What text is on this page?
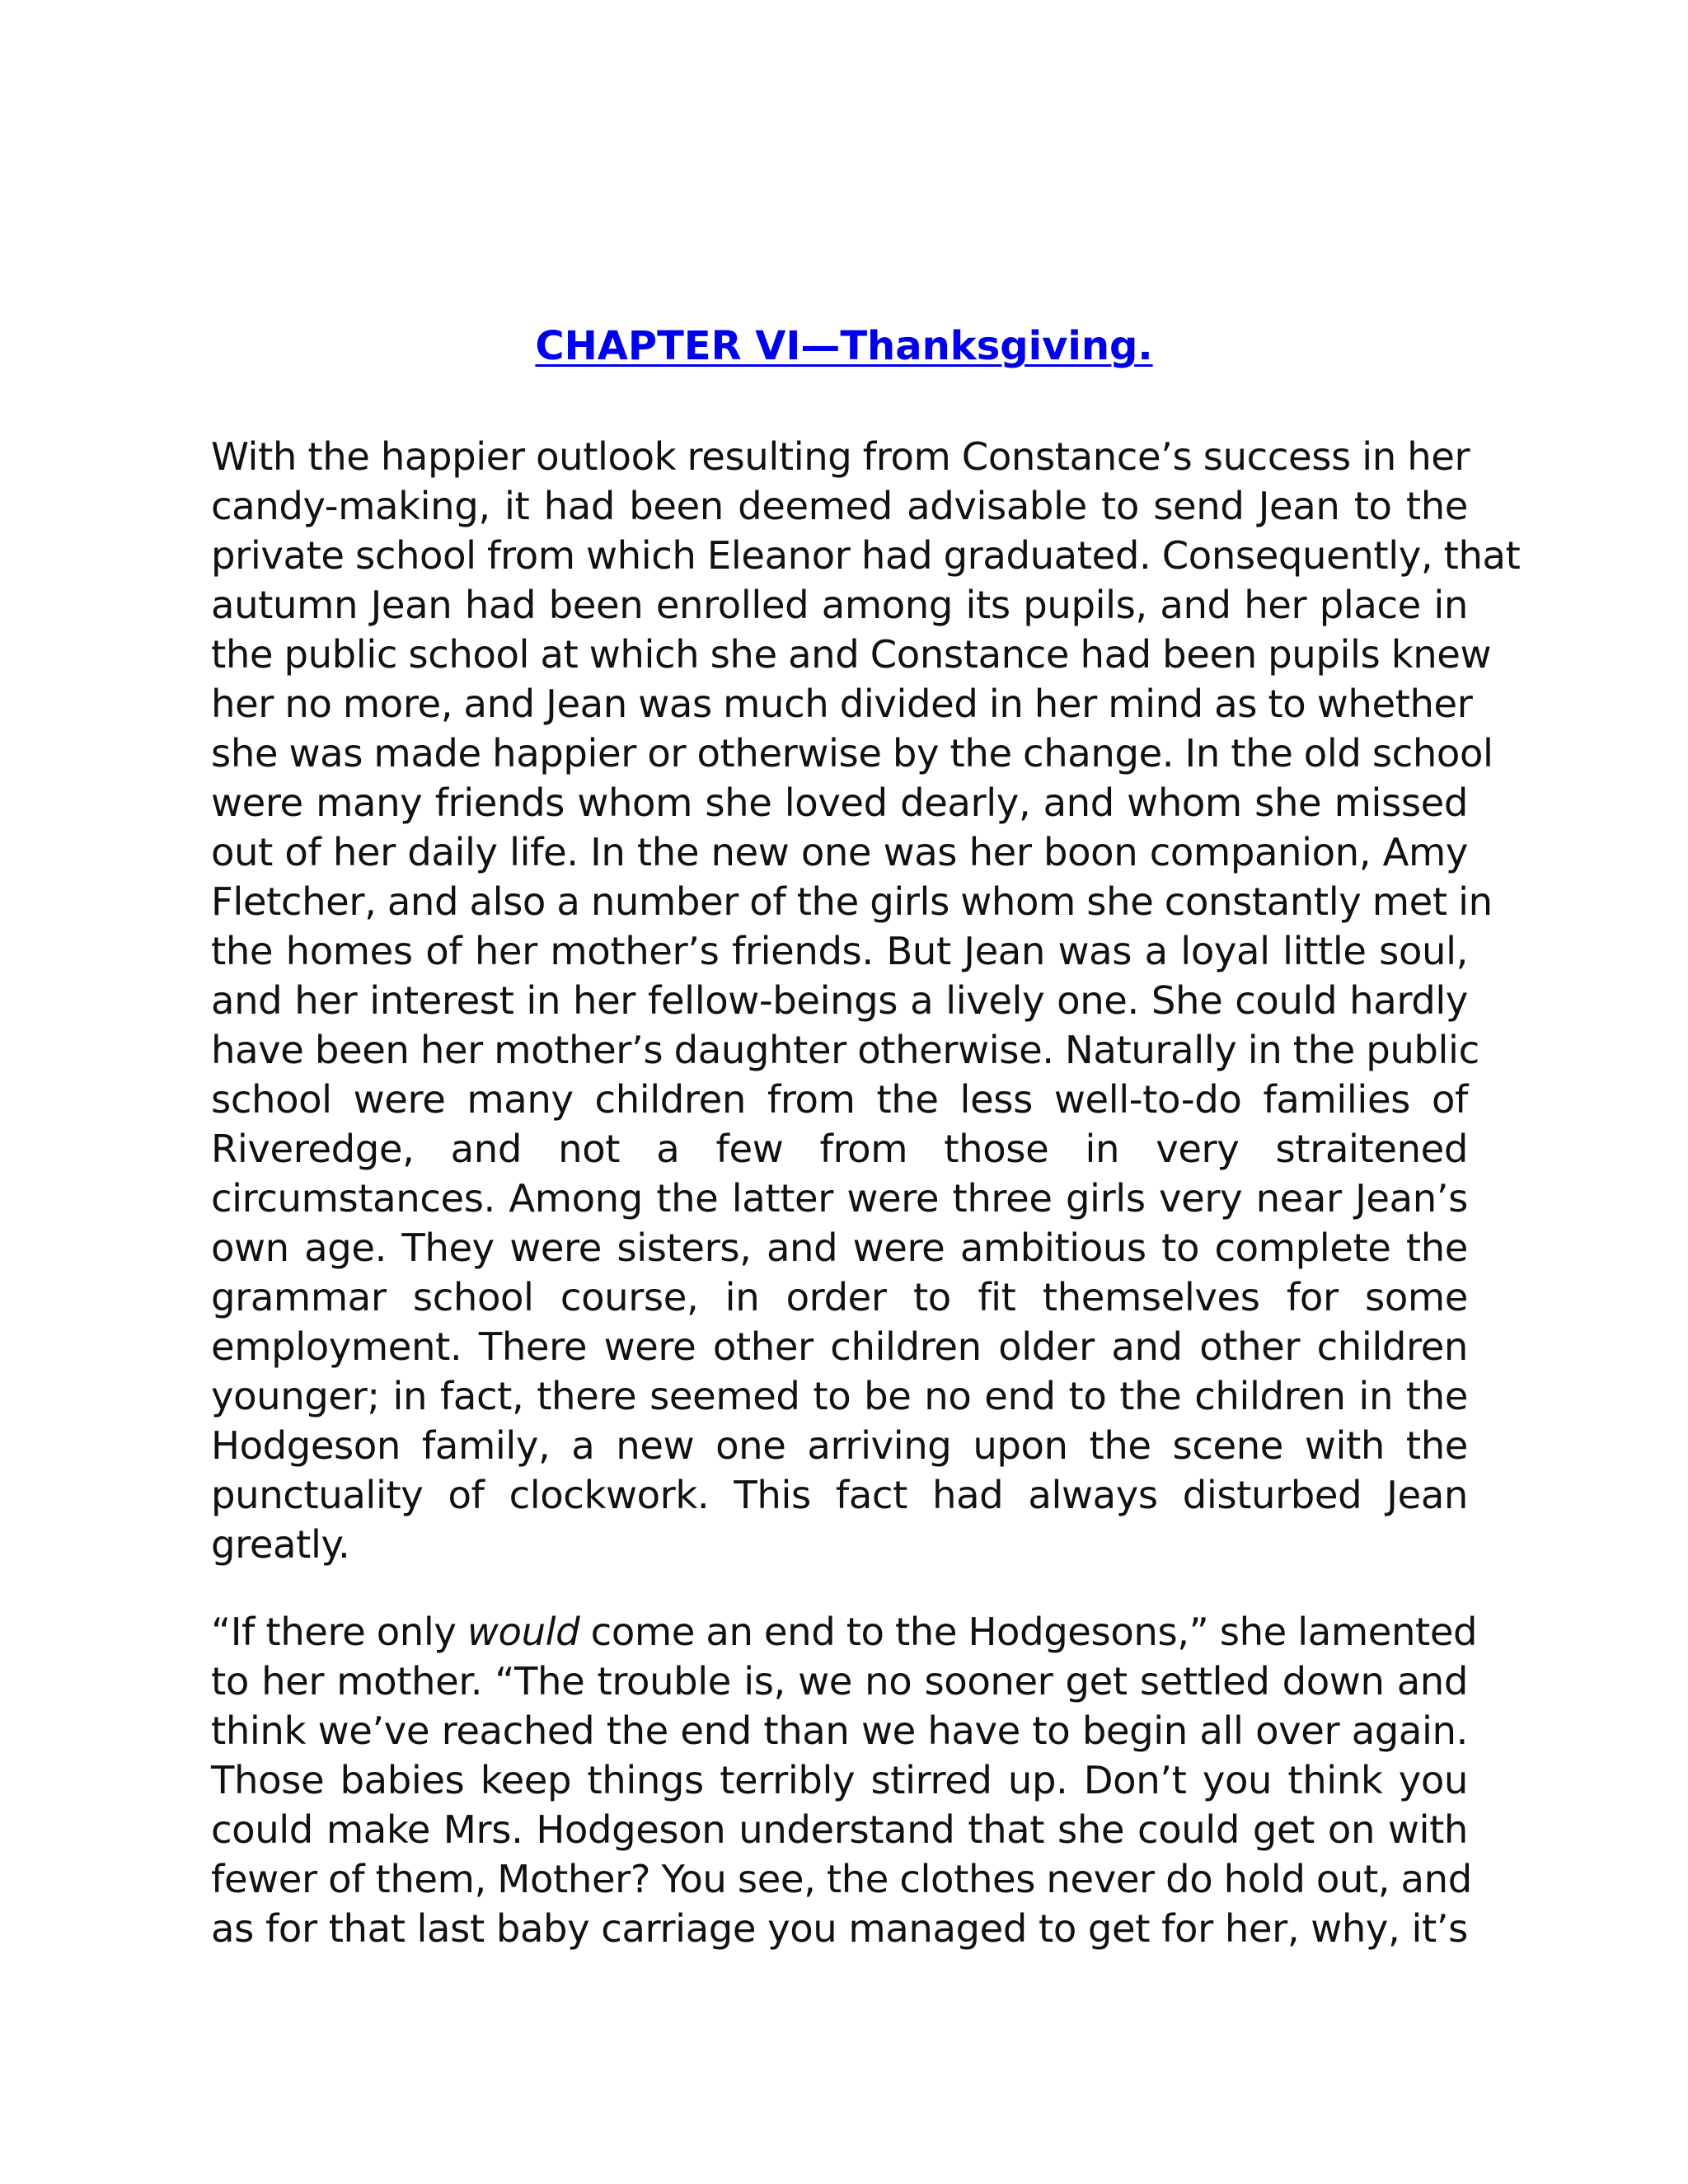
CHAPTER VI—Thanksgiving.
With the happier outlook resulting from Constance’s success in her
candy-making, it had been deemed advisable to send Jean to the
private school from which Eleanor had graduated. Consequently, that
autumn Jean had been enrolled among its pupils, and her place in
the public school at which she and Constance had been pupils knew
her no more, and Jean was much divided in her mind as to whether
she was made happier or otherwise by the change. In the old school
were many friends whom she loved dearly, and whom she missed
out of her daily life. In the new one was her boon companion, Amy
Fletcher, and also a number of the girls whom she constantly met in
the homes of her mother’s friends. But Jean was a loyal little soul,
and her interest in her fellow-beings a lively one. She could hardly
have been her mother’s daughter otherwise. Naturally in the public
school were many children from the less well-to-do families of
Riveredge, and not a few from those in very straitened
circumstances. Among the latter were three girls very near Jean’s
own age. They were sisters, and were ambitious to complete the
grammar school course, in order to fit themselves for some
employment. There were other children older and other children
younger; in fact, there seemed to be no end to the children in the
Hodgeson family, a new one arriving upon the scene with the
punctuality of clockwork. This fact had always disturbed Jean
greatly.
“If there only would come an end to the Hodgesons,” she lamented
to her mother. “The trouble is, we no sooner get settled down and
think we’ve reached the end than we have to begin all over again.
Those babies keep things terribly stirred up. Don’t you think you
could make Mrs. Hodgeson understand that she could get on with
fewer of them, Mother? You see, the clothes never do hold out, and
as for that last baby carriage you managed to get for her, why, it’s
